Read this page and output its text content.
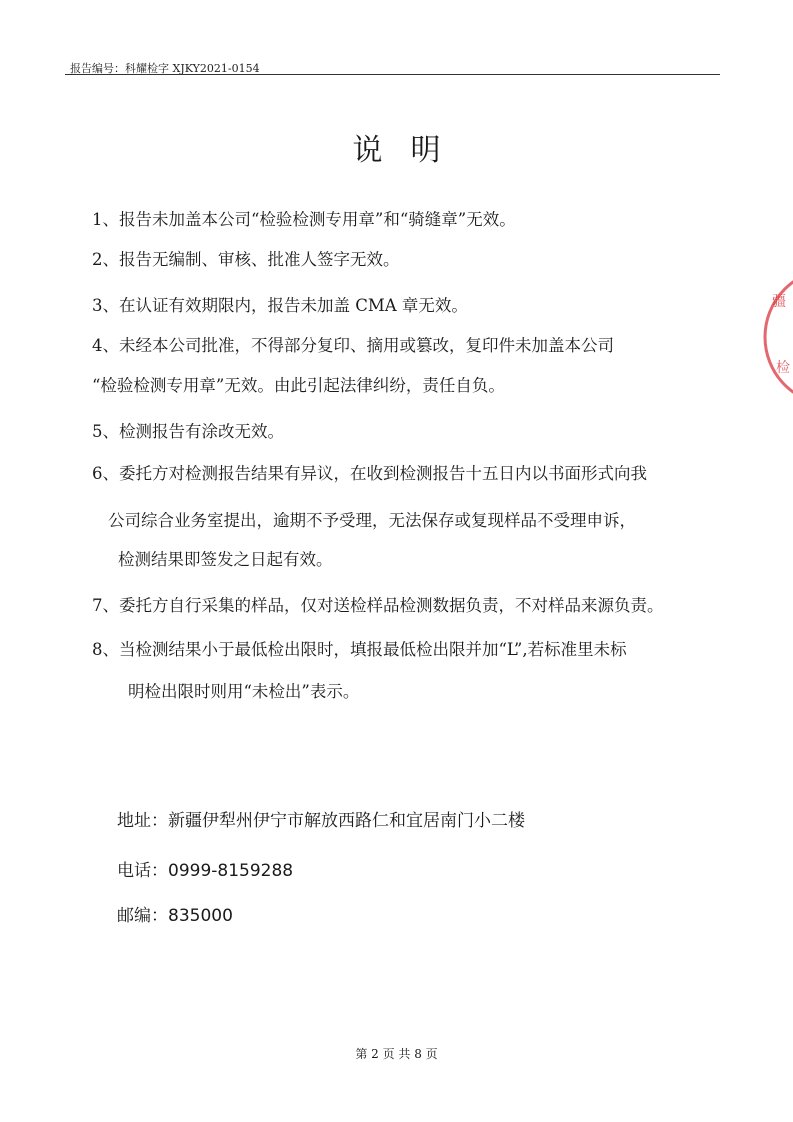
报告编号：科耀检字 XJKY2021-0154
说明
1、报告未加盖本公司“检验检测专用章”和“骑缝章”无效。
2、报告无编制、审核、批准人签字无效。
3、在认证有效期限内，报告未加盖 CMA 章无效。
4、未经本公司批准，不得部分复印、摘用或篡改，复印件未加盖本公司
“检验检测专用章”无效。由此引起法律纠纷，责任自负。
5、检测报告有涂改无效。
6、委托方对检测报告结果有异议，在收到检测报告十五日内以书面形式向我
公司综合业务室提出，逾期不予受理，无法保存或复现样品不受理申诉，
检测结果即签发之日起有效。
7、委托方自行采集的样品，仅对送检样品检测数据负责，不对样品来源负责。
8、当检测结果小于最低检出限时，填报最低检出限并加“L”,若标准里未标
明检出限时则用“未检出”表示。
地址：新疆伊犁州伊宁市解放西路仁和宜居南门小二楼
电话：0999-8159288
邮编：835000
第 2 页 共 8 页
疆
检
